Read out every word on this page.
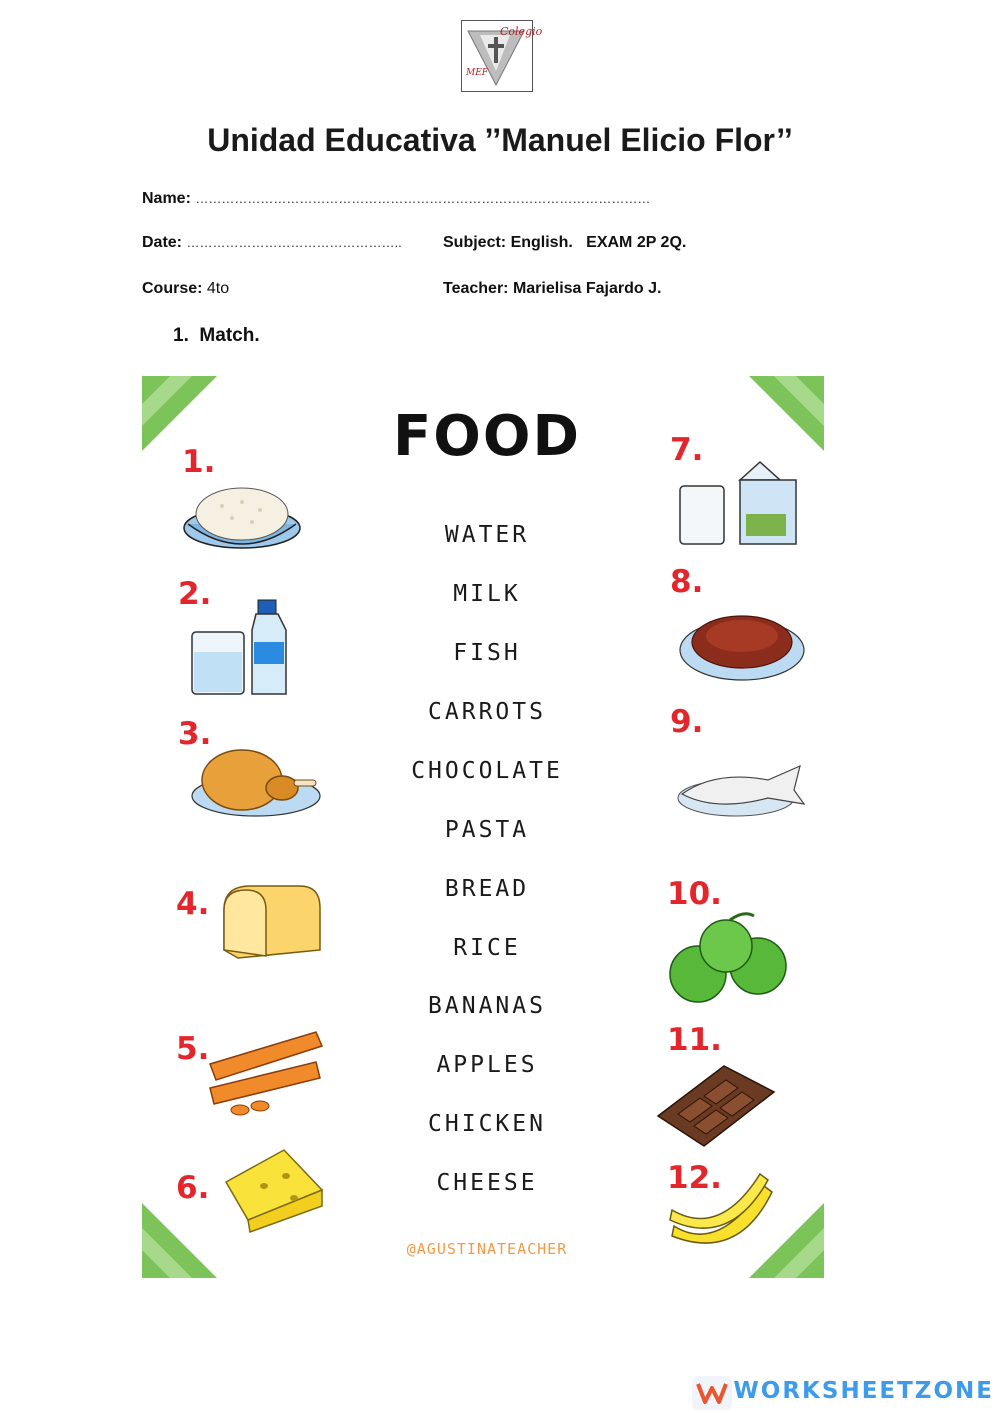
Colegio
MEF
Unidad Educativa ’’Manuel Elicio Flor’’
Name: ……………………………………………………………………………………………
Date: …………………………………………..	Subject: English. EXAM 2P 2Q.
Course: 4to	Teacher: Marielisa Fajardo J.
1. Match.
FOOD
WATER
MILK
FISH
CARROTS
CHOCOLATE
PASTA
BREAD
RICE
BANANAS
APPLES
CHICKEN
CHEESE
1.
2.
3.
4.
5.
6.
7.
8.
9.
10.
11.
12.
@AGUSTINATEACHER
WORKSHEETZONE
